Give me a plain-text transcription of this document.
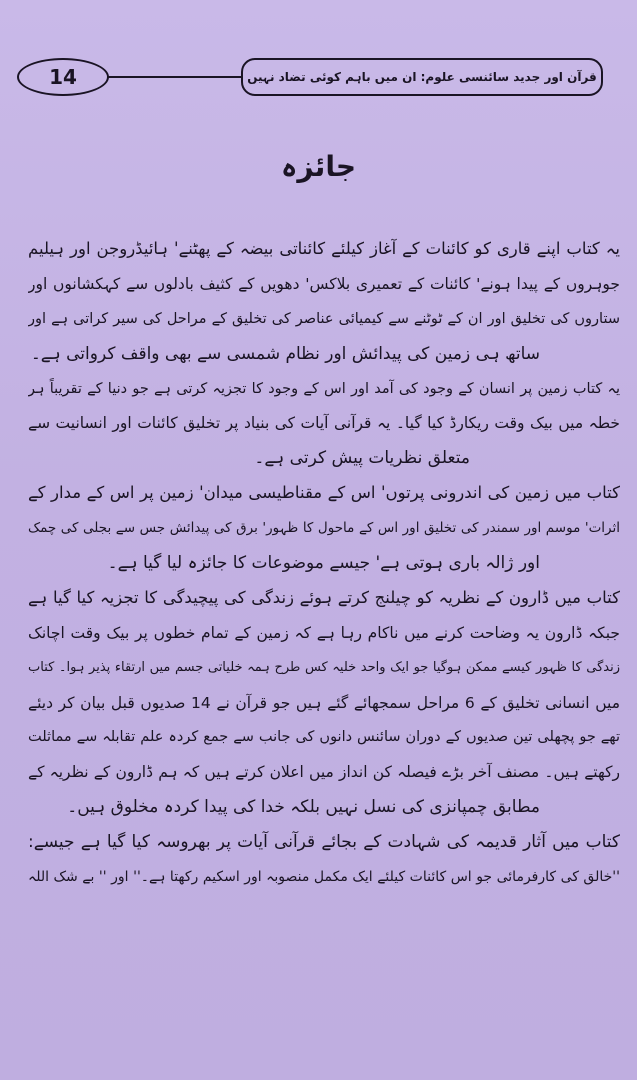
14	قرآن اور جدید سائنسی علوم: ان میں باہم کوئی تضاد نہیں
جائزہ
یہ کتاب اپنے قاری کو کائنات کے آغاز کیلئے کائناتی بیضہ کے پھٹنے' ہائیڈروجن اور ہیلیم
جوہروں کے پیدا ہونے' کائنات کے تعمیری بلاکس' دھویں کے کثیف بادلوں سے کہکشانوں اور
ستاروں کی تخلیق اور ان کے ٹوٹنے سے کیمیائی عناصر کی تخلیق کے مراحل کی سیر کراتی ہے اور
ساتھ ہی زمین کی پیدائش اور نظام شمسی سے بھی واقف کرواتی ہے۔
یہ کتاب زمین پر انسان کے وجود کی آمد اور اس کے وجود کا تجزیہ کرتی ہے جو دنیا کے تقریباً ہر
خطہ میں بیک وقت ریکارڈ کیا گیا۔ یہ قرآنی آیات کی بنیاد پر تخلیق کائنات اور انسانیت سے
متعلق نظریات پیش کرتی ہے۔
کتاب میں زمین کی اندرونی پرتوں' اس کے مقناطیسی میدان' زمین پر اس کے مدار کے
اثرات' موسم اور سمندر کی تخلیق اور اس کے ماحول کا ظہور' برق کی پیدائش جس سے بجلی کی چمک
اور ژالہ باری ہوتی ہے' جیسے موضوعات کا جائزہ لیا گیا ہے۔
کتاب میں ڈارون کے نظریہ کو چیلنج کرتے ہوئے زندگی کی پیچیدگی کا تجزیہ کیا گیا ہے
جبکہ ڈارون یہ وضاحت کرنے میں ناکام رہا ہے کہ زمین کے تمام خطوں پر بیک وقت اچانک
زندگی کا ظہور کیسے ممکن ہوگیا جو ایک واحد خلیہ کس طرح ہمہ خلیاتی جسم میں ارتقاء پذیر ہوا۔ کتاب
میں انسانی تخلیق کے 6 مراحل سمجھائے گئے ہیں جو قرآن نے 14 صدیوں قبل بیان کر دیئے
تھے جو پچھلی تین صدیوں کے دوران سائنس دانوں کی جانب سے جمع کردہ علم تقابلہ سے مماثلت
رکھتے ہیں۔ مصنف آخر بڑے فیصلہ کن انداز میں اعلان کرتے ہیں کہ ہم ڈارون کے نظریہ کے
مطابق چمپانزی کی نسل نہیں بلکہ خدا کی پیدا کردہ مخلوق ہیں۔
کتاب میں آثار قدیمہ کی شہادت کے بجائے قرآنی آیات پر بھروسہ کیا گیا ہے جیسے:
''خالق کی کارفرمائی جو اس کائنات کیلئے ایک مکمل منصوبہ اور اسکیم رکھتا ہے۔'' اور '' بے شک اللہ
